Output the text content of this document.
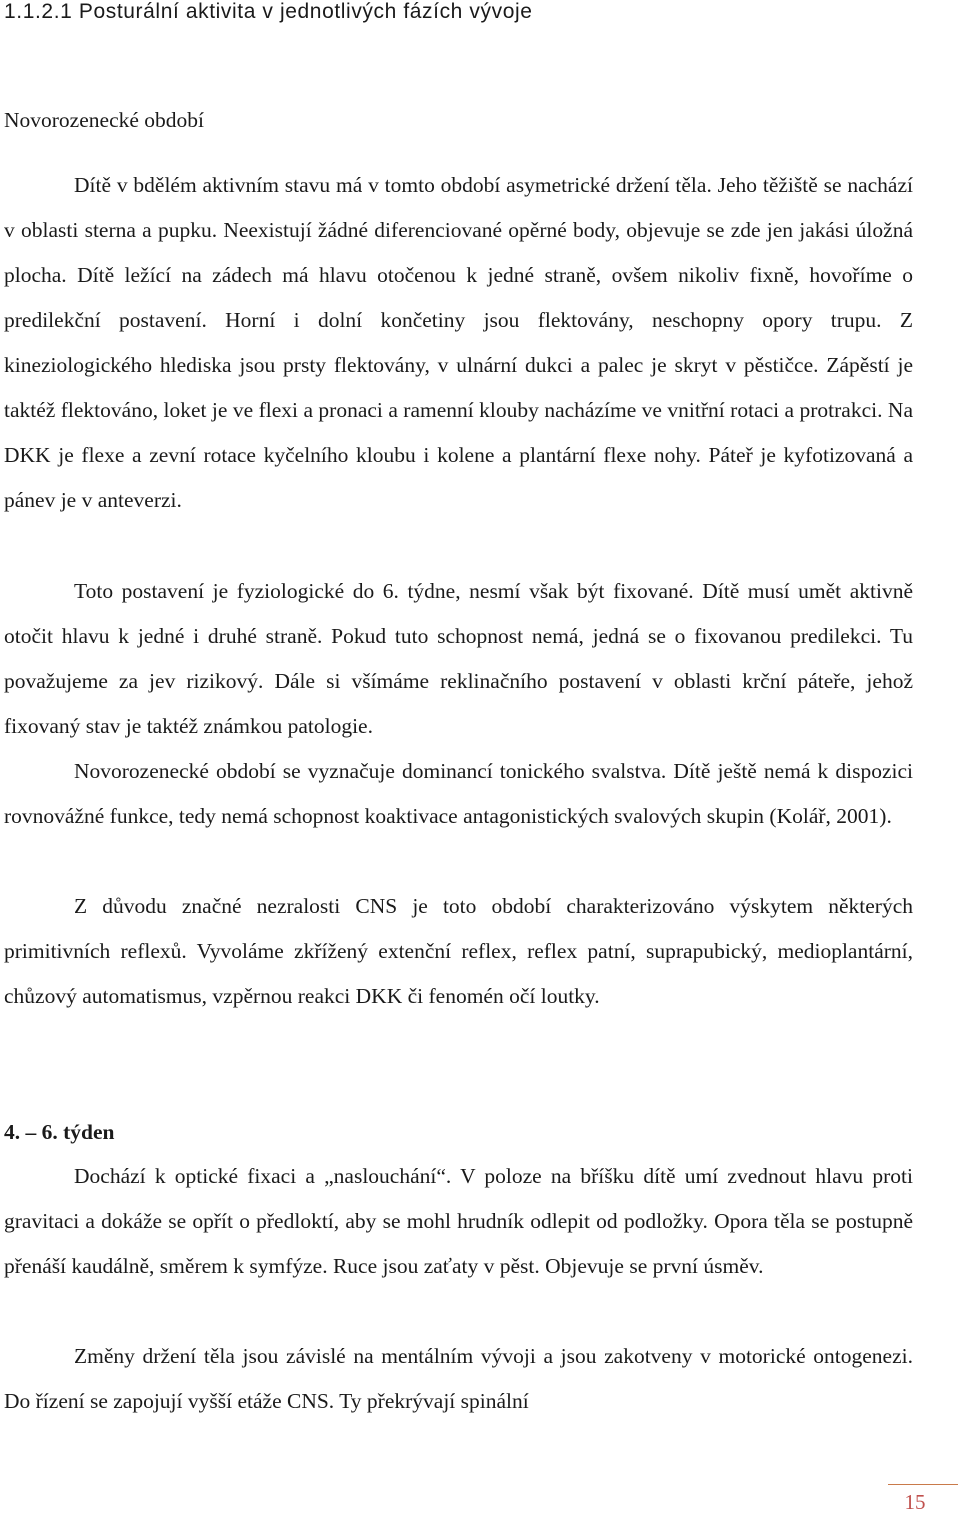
1.1.2.1 Posturální aktivita v jednotlivých fázích vývoje
Novorozenecké období

Dítě v bdělém aktivním stavu má v tomto období asymetrické držení těla. Jeho těžiště se nachází v oblasti sterna a pupku. Neexistují žádné diferenciované opěrné body, objevuje se zde jen jakási úložná plocha. Dítě ležící na zádech má hlavu otočenou k jedné straně, ovšem nikoliv fixně, hovoříme o predilekční postavení. Horní i dolní končetiny jsou flektovány, neschopny opory trupu. Z kineziologického hlediska jsou prsty flektovány, v ulnární dukci a palec je skryt v pěstičce. Zápěstí je taktéž flektováno, loket je ve flexi a pronaci a ramenní klouby nacházíme ve vnitřní rotaci a protrakci. Na DKK je flexe a zevní rotace kyčelního kloubu i kolene a plantární flexe nohy. Páteř je kyfotizovaná a pánev je v anteverzi.

Toto postavení je fyziologické do 6. týdne, nesmí však být fixované. Dítě musí umět aktivně otočit hlavu k jedné i druhé straně. Pokud tuto schopnost nemá, jedná se o fixovanou predilekci. Tu považujeme za jev rizikový. Dále si všímáme reklinačního postavení v oblasti krční páteře, jehož fixovaný stav je taktéž známkou patologie.

Novorozenecké období se vyznačuje dominancí tonického svalstva. Dítě ještě nemá k dispozici rovnovážné funkce, tedy nemá schopnost koaktivace antagonistických svalových skupin (Kolář, 2001).

Z důvodu značné nezralosti CNS je toto období charakterizováno výskytem některých primitivních reflexů. Vyvoláme zkřížený extenční reflex, reflex patní, suprapubický, medioplantární, chůzový automatismus, vzpěrnou reakci DKK či fenomén očí loutky.

4. – 6. týden

Dochází k optické fixaci a „naslouchání“. V poloze na bříšku dítě umí zvednout hlavu proti gravitaci a dokáže se opřít o předloktí, aby se mohl hrudník odlepit od podložky. Opora těla se postupně přenáší kaudálně, směrem k symfýze. Ruce jsou zaťaty v pěst. Objevuje se první úsměv.

Změny držení těla jsou závislé na mentálním vývoji a jsou zakotveny v motorické ontogenezi. Do řízení se zapojují vyšší etáže CNS. Ty překrývají spinální

15
